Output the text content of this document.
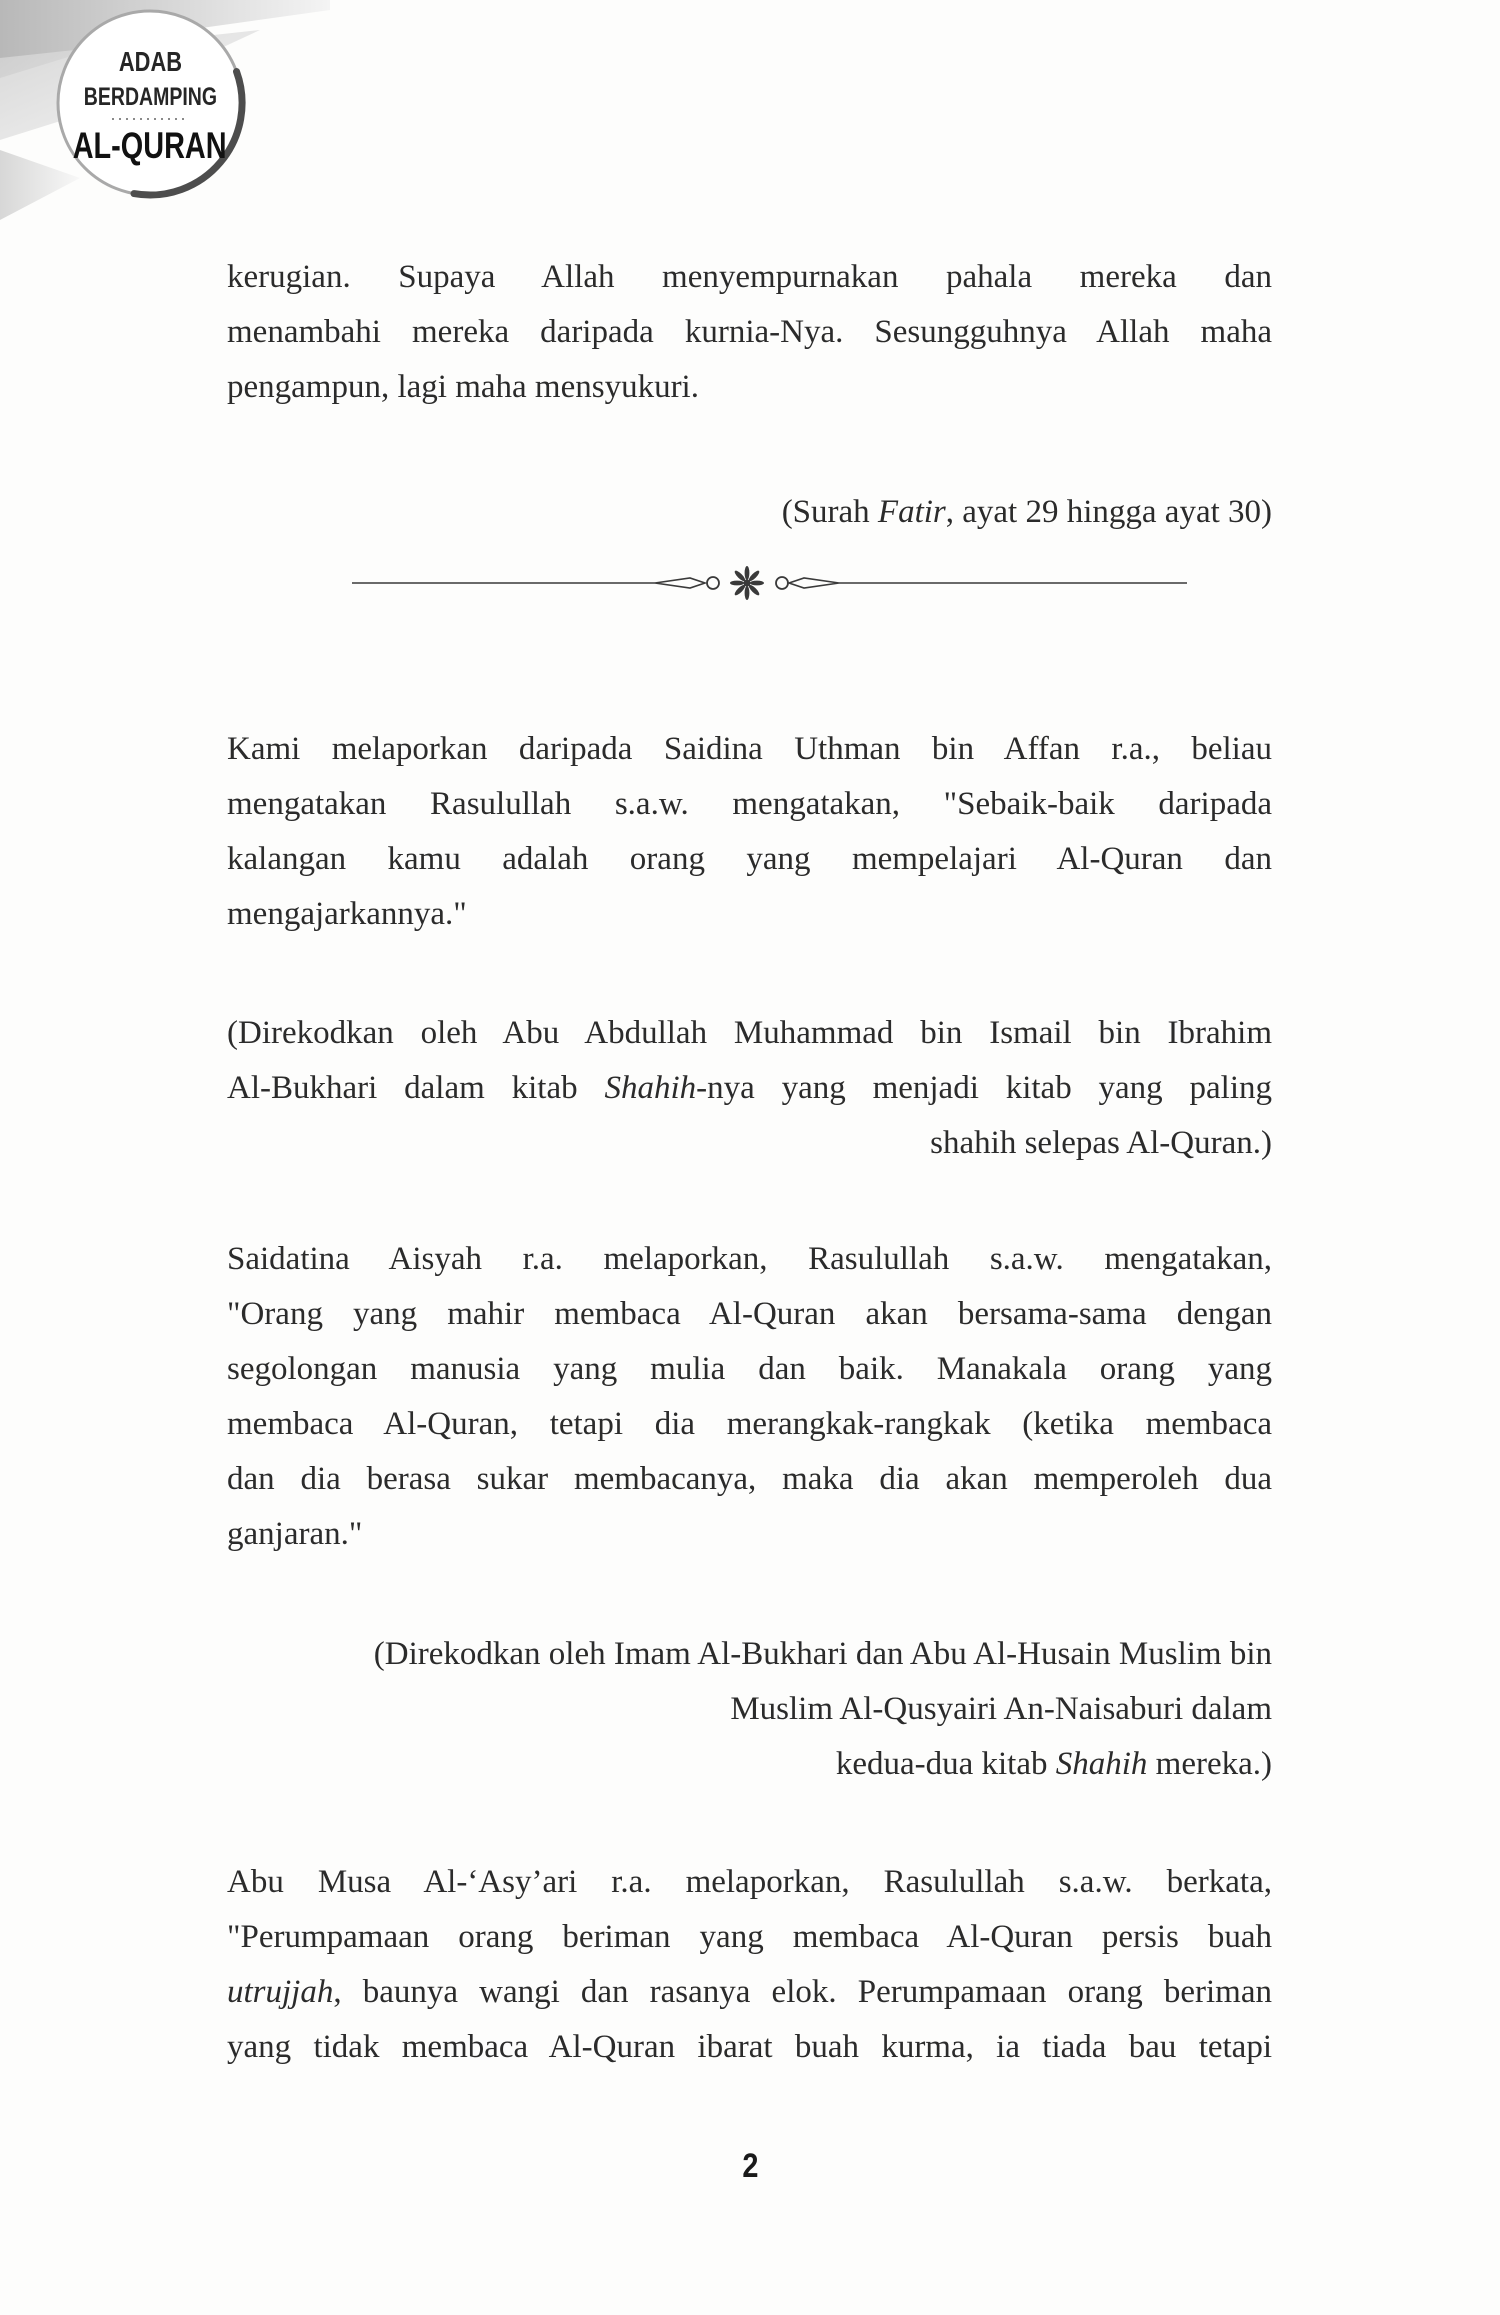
ADAB
BERDAMPING
AL-QURAN
kerugian. Supaya Allah menyempurnakan pahala mereka dan
menambahi mereka daripada kurnia-Nya. Sesungguhnya Allah maha
pengampun, lagi maha mensyukuri.
(Surah Fatir, ayat 29 hingga ayat 30)
Kami melaporkan daripada Saidina Uthman bin Affan r.a., beliau
mengatakan Rasulullah s.a.w. mengatakan, "Sebaik-baik daripada
kalangan kamu adalah orang yang mempelajari Al-Quran dan
mengajarkannya."
(Direkodkan oleh Abu Abdullah Muhammad bin Ismail bin Ibrahim
Al-Bukhari dalam kitab Shahih-nya yang menjadi kitab yang paling
shahih selepas Al-Quran.)
Saidatina Aisyah r.a. melaporkan, Rasulullah s.a.w. mengatakan,
"Orang yang mahir membaca Al-Quran akan bersama-sama dengan
segolongan manusia yang mulia dan baik. Manakala orang yang
membaca Al-Quran, tetapi dia merangkak-rangkak (ketika membaca
dan dia berasa sukar membacanya, maka dia akan memperoleh dua
ganjaran."
(Direkodkan oleh Imam Al-Bukhari dan Abu Al-Husain Muslim bin
Muslim Al-Qusyairi An-Naisaburi dalam
kedua-dua kitab Shahih mereka.)
Abu Musa Al-‘Asy’ari r.a. melaporkan, Rasulullah s.a.w. berkata,
"Perumpamaan orang beriman yang membaca Al-Quran persis buah
utrujjah, baunya wangi dan rasanya elok. Perumpamaan orang beriman
yang tidak membaca Al-Quran ibarat buah kurma, ia tiada bau tetapi
2
